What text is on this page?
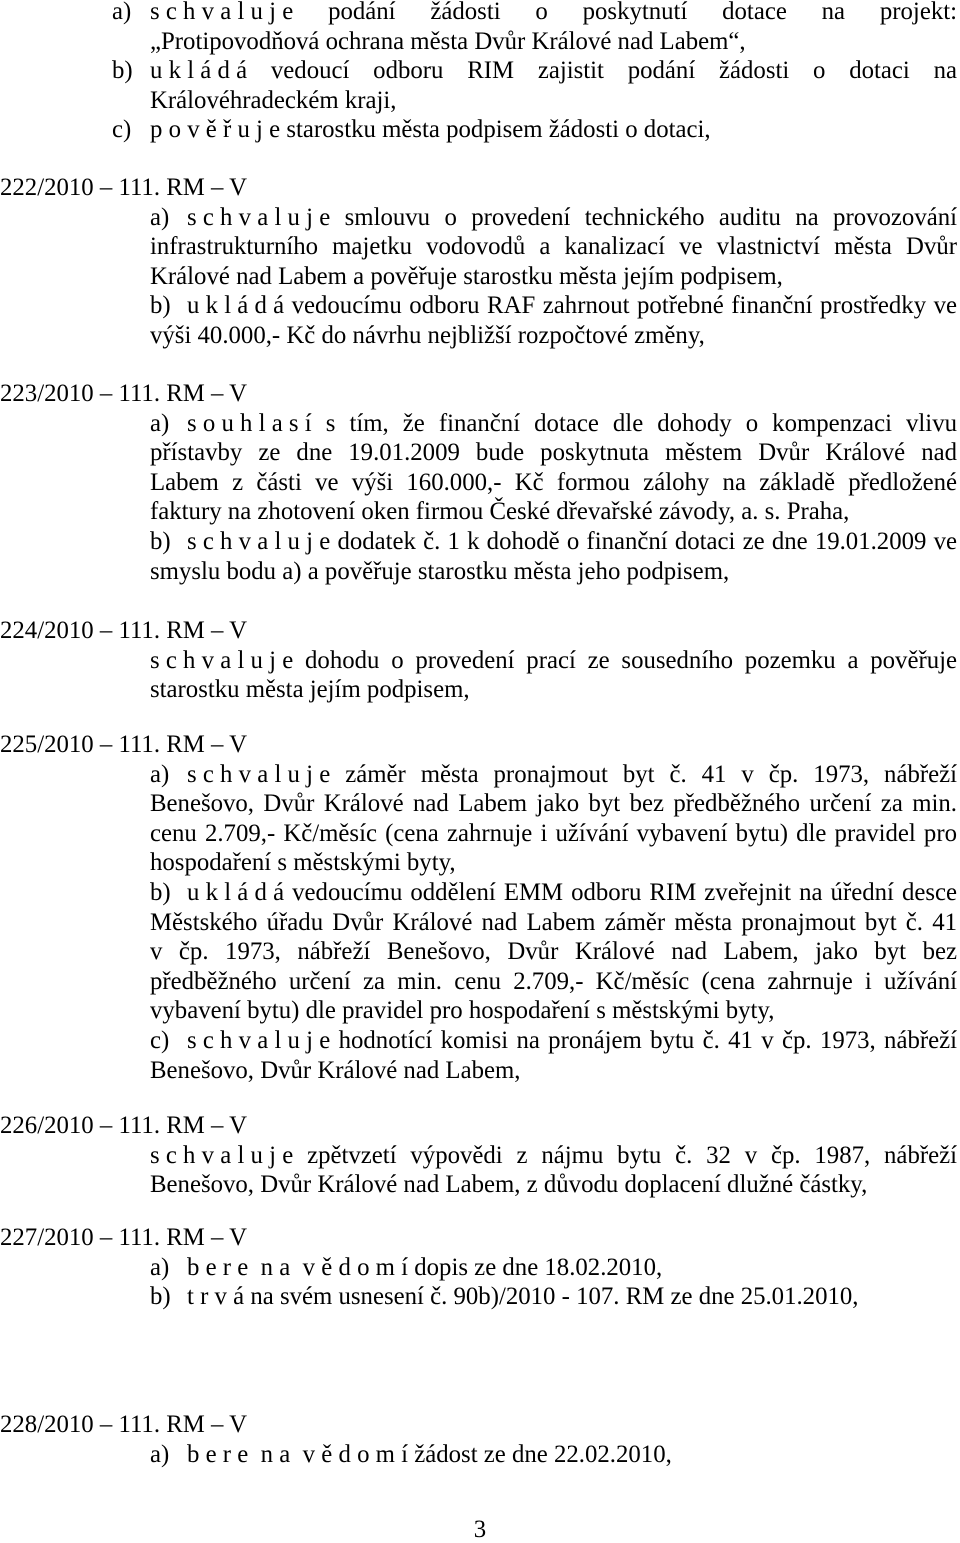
a) s c h v a l u j e podání žádosti o poskytnutí dotace na projekt:
„Protipovodňová ochrana města Dvůr Králové nad Labem“,
b) u k l á d á vedoucí odboru RIM zajistit podání žádosti o dotaci na
Královéhradeckém kraji,
c) p o v ě ř u j e starostku města podpisem žádosti o dotaci,
222/2010 – 111. RM – V
a) s c h v a l u j e smlouvu o provedení technického auditu na provozování
infrastrukturního majetku vodovodů a kanalizací ve vlastnictví města Dvůr
Králové nad Labem a pověřuje starostku města jejím podpisem,
b) u k l á d á vedoucímu odboru RAF zahrnout potřebné finanční prostředky ve
výši 40.000,- Kč do návrhu nejbližší rozpočtové změny,
223/2010 – 111. RM – V
a) s o u h l a s í s tím, že finanční dotace dle dohody o kompenzaci vlivu
přístavby ze dne 19.01.2009 bude poskytnuta městem Dvůr Králové nad
Labem z části ve výši 160.000,- Kč formou zálohy na základě předložené
faktury na zhotovení oken firmou České dřevařské závody, a. s. Praha,
b) s c h v a l u j e dodatek č. 1 k dohodě o finanční dotaci ze dne 19.01.2009 ve
smyslu bodu a) a pověřuje starostku města jeho podpisem,
224/2010 – 111. RM – V
s c h v a l u j e dohodu o provedení prací ze sousedního pozemku a pověřuje
starostku města jejím podpisem,
225/2010 – 111. RM – V
a) s c h v a l u j e záměr města pronajmout byt č. 41 v čp. 1973, nábřeží
Benešovo, Dvůr Králové nad Labem jako byt bez předběžného určení za min.
cenu 2.709,- Kč/měsíc (cena zahrnuje i užívání vybavení bytu) dle pravidel pro
hospodaření s městskými byty,
b) u k l á d á vedoucímu oddělení EMM odboru RIM zveřejnit na úřední desce
Městského úřadu Dvůr Králové nad Labem záměr města pronajmout byt č. 41
v čp. 1973, nábřeží Benešovo, Dvůr Králové nad Labem, jako byt bez
předběžného určení za min. cenu 2.709,- Kč/měsíc (cena zahrnuje i užívání
vybavení bytu) dle pravidel pro hospodaření s městskými byty,
c) s c h v a l u j e hodnotící komisi na pronájem bytu č. 41 v čp. 1973, nábřeží
Benešovo, Dvůr Králové nad Labem,
226/2010 – 111. RM – V
s c h v a l u j e zpětvzetí výpovědi z nájmu bytu č. 32 v čp. 1987, nábřeží
Benešovo, Dvůr Králové nad Labem, z důvodu doplacení dlužné částky,
227/2010 – 111. RM – V
a) b e r e  n a  v ě d o m í dopis ze dne 18.02.2010,
b) t r v á na svém usnesení č. 90b)/2010 - 107. RM ze dne 25.01.2010,
228/2010 – 111. RM – V
a) b e r e  n a  v ě d o m í žádost ze dne 22.02.2010,
3
